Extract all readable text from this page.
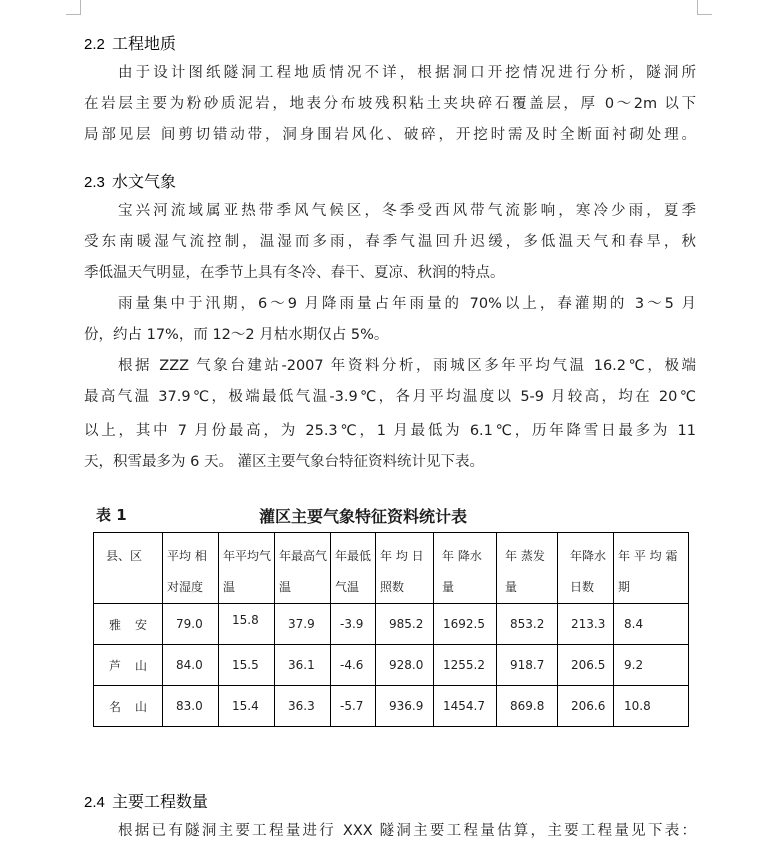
2.2 工程地质
由于设计图纸隧洞工程地质情况不详，根据洞口开挖情况进行分析，隧洞所
在岩层主要为粉砂质泥岩，地表分布坡残积粘土夹块碎石覆盖层，厚 0～2m 以下
局部见层 间剪切错动带，洞身围岩风化、破碎，开挖时需及时全断面衬砌处理。
2.3 水文气象
宝兴河流域属亚热带季风气候区，冬季受西风带气流影响，寒冷少雨，夏季
受东南暖湿气流控制，温湿而多雨，春季气温回升迟缓，多低温天气和春旱，秋
季低温天气明显，在季节上具有冬冷、春干、夏凉、秋润的特点。
雨量集中于汛期，6～9 月降雨量占年雨量的 70%以上，春灌期的 3～5 月
份，约占 17%，而 12～2 月枯水期仅占 5%。
根据 ZZZ 气象台建站-2007 年资料分析，雨城区多年平均气温 16.2℃，极端
最高气温 37.9℃，极端最低气温-3.9℃，各月平均温度以 5-9 月较高，均在 20℃
以上，其中 7 月份最高，为 25.3℃，1 月最低为 6.1℃，历年降雪日最多为 11
天，积雪最多为 6 天。 灌区主要气象台特征资料统计见下表。
表 1	灌区主要气象特征资料统计表
县、区	平均 相对湿度	年平均气温	年最高气温	年最低气温	年 均 日照数	年 降水量	年 蒸发量	年降水日数	年 平 均 霜期

雅安	79.0	15.8	37.9	-3.9	985.2	1692.5	853.2	213.3	8.4

芦山	84.0	15.5	36.1	-4.6	928.0	1255.2	918.7	206.5	9.2

名山	83.0	15.4	36.3	-5.7	936.9	1454.7	869.8	206.6	10.8
2.4 主要工程数量
根据已有隧洞主要工程量进行 XXX 隧洞主要工程量估算，主要工程量见下表：
